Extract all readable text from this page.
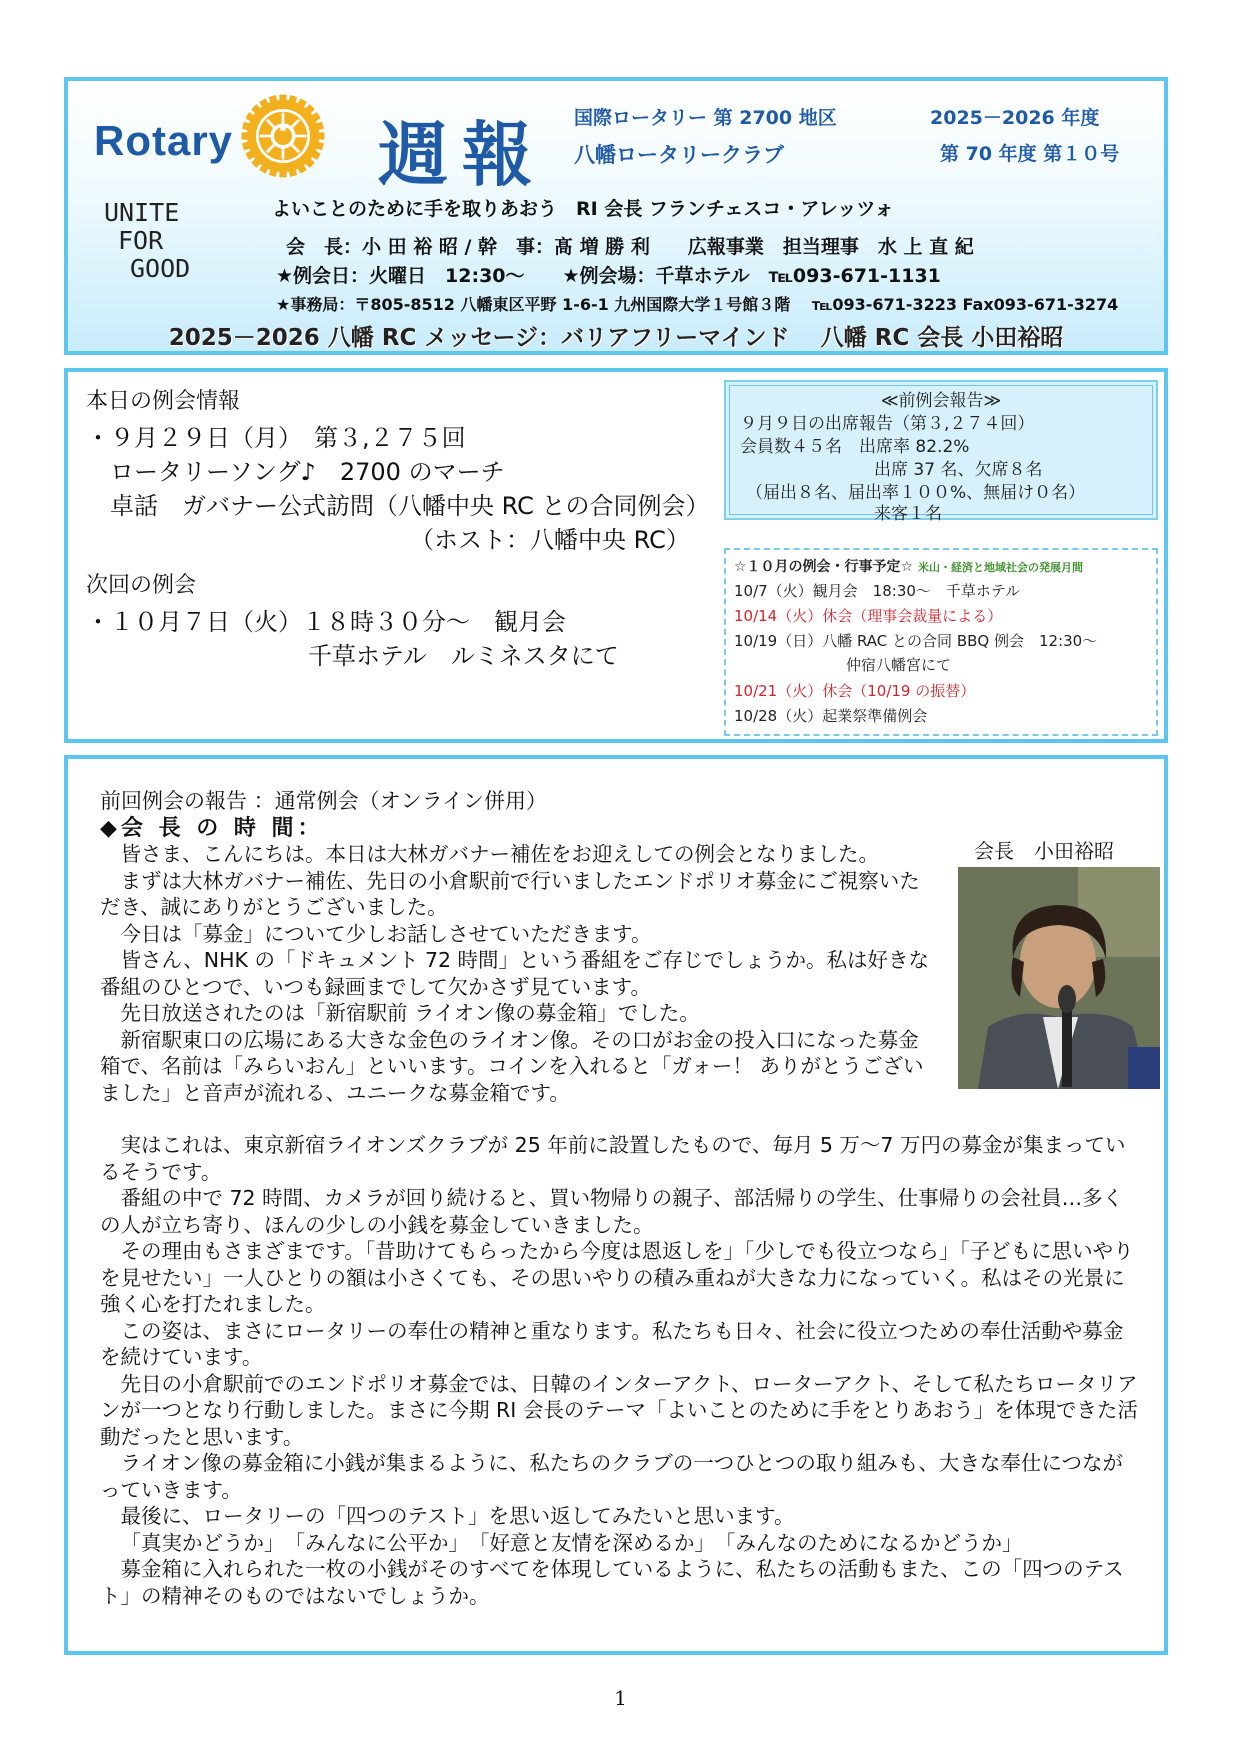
Rotary 週報 国際ロータリー 第 2700 地区
八幡ロータリークラブ
2025－2026 年度
第 70 年度 第１０号
UNITE
FOR
GOOD
よいことのために手を取りあおう　RI 会長 フランチェスコ・アレッツォ
会　長：小 田 裕 昭 / 幹　事：髙 増 勝 利　　広報事業　担当理事　水 上 直 紀
★例会日：火曜日　12:30～　　★例会場：千草ホテル　℡093-671-1131
★事務局：〒805-8512 八幡東区平野 1-6-1 九州国際大学１号館３階　 ℡093-671-3223 Fax093-671-3274
2025－2026 八幡 RC メッセージ：バリアフリーマインド　 八幡 RC 会長 小田裕昭
本日の例会情報
・９月２９日（月）　第３,２７５回
ロータリーソング♪　2700 のマーチ
卓話　ガバナー公式訪問（八幡中央 RC との合同例会）
（ホスト：八幡中央 RC）
次回の例会
・１０月７日（火）１８時３０分～　観月会
千草ホテル　ルミネスタにて
≪前例会報告≫
９月９日の出席報告（第３,２７４回）
会員数４５名　出席率 82.2%
出席 37 名、欠席８名
（届出８名、届出率１００%、無届け０名）
来客１名
☆１０月の例会・行事予定☆ 米山・経済と地域社会の発展月間
10/7（火）観月会　18:30～　千草ホテル
10/14（火）休会（理事会裁量による）
10/19（日）八幡 RAC との合同 BBQ 例会　12:30～
仲宿八幡宮にて
10/21（火）休会（10/19 の振替）
10/28（火）起業祭準備例会
前回例会の報告 ：通常例会（オンライン併用）
◆会 長 の 時 間：
会長　小田裕昭

皆さま、こんにちは。本日は大林ガバナー補佐をお迎えしての例会となりました。

まずは大林ガバナー補佐、先日の小倉駅前で行いましたエンドポリオ募金にご視察いただき、誠にありがとうございました。

今日は「募金」について少しお話しさせていただきます。

皆さん、NHK の「ドキュメント 72 時間」という番組をご存じでしょうか。私は好きな番組のひとつで、いつも録画までして欠かさず見ています。

先日放送されたのは「新宿駅前 ライオン像の募金箱」でした。

新宿駅東口の広場にある大きな金色のライオン像。その口がお金の投入口になった募金箱で、名前は「みらいおん」といいます。コインを入れると「ガォー！ ありがとうございました」と音声が流れる、ユニークな募金箱です。

実はこれは、東京新宿ライオンズクラブが 25 年前に設置したもので、毎月 5 万～7 万円の募金が集まっているそうです。

番組の中で 72 時間、カメラが回り続けると、買い物帰りの親子、部活帰りの学生、仕事帰りの会社員…多くの人が立ち寄り、ほんの少しの小銭を募金していきました。

その理由もさまざまです。「昔助けてもらったから今度は恩返しを」「少しでも役立つなら」「子どもに思いやりを見せたい」一人ひとりの額は小さくても、その思いやりの積み重ねが大きな力になっていく。私はその光景に強く心を打たれました。

この姿は、まさにロータリーの奉仕の精神と重なります。私たちも日々、社会に役立つための奉仕活動や募金を続けています。

先日の小倉駅前でのエンドポリオ募金では、日韓のインターアクト、ローターアクト、そして私たちロータリアンが一つとなり行動しました。まさに今期 RI 会長のテーマ「よいことのために手をとりあおう」を体現できた活動だったと思います。

ライオン像の募金箱に小銭が集まるように、私たちのクラブの一つひとつの取り組みも、大きな奉仕につながっていきます。

最後に、ロータリーの「四つのテスト」を思い返してみたいと思います。

「真実かどうか」　「みんなに公平か」　「好意と友情を深めるか」　「みんなのためになるかどうか」

募金箱に入れられた一枚の小銭がそのすべてを体現しているように、私たちの活動もまた、この「四つのテスト」の精神そのものではないでしょうか。

1
